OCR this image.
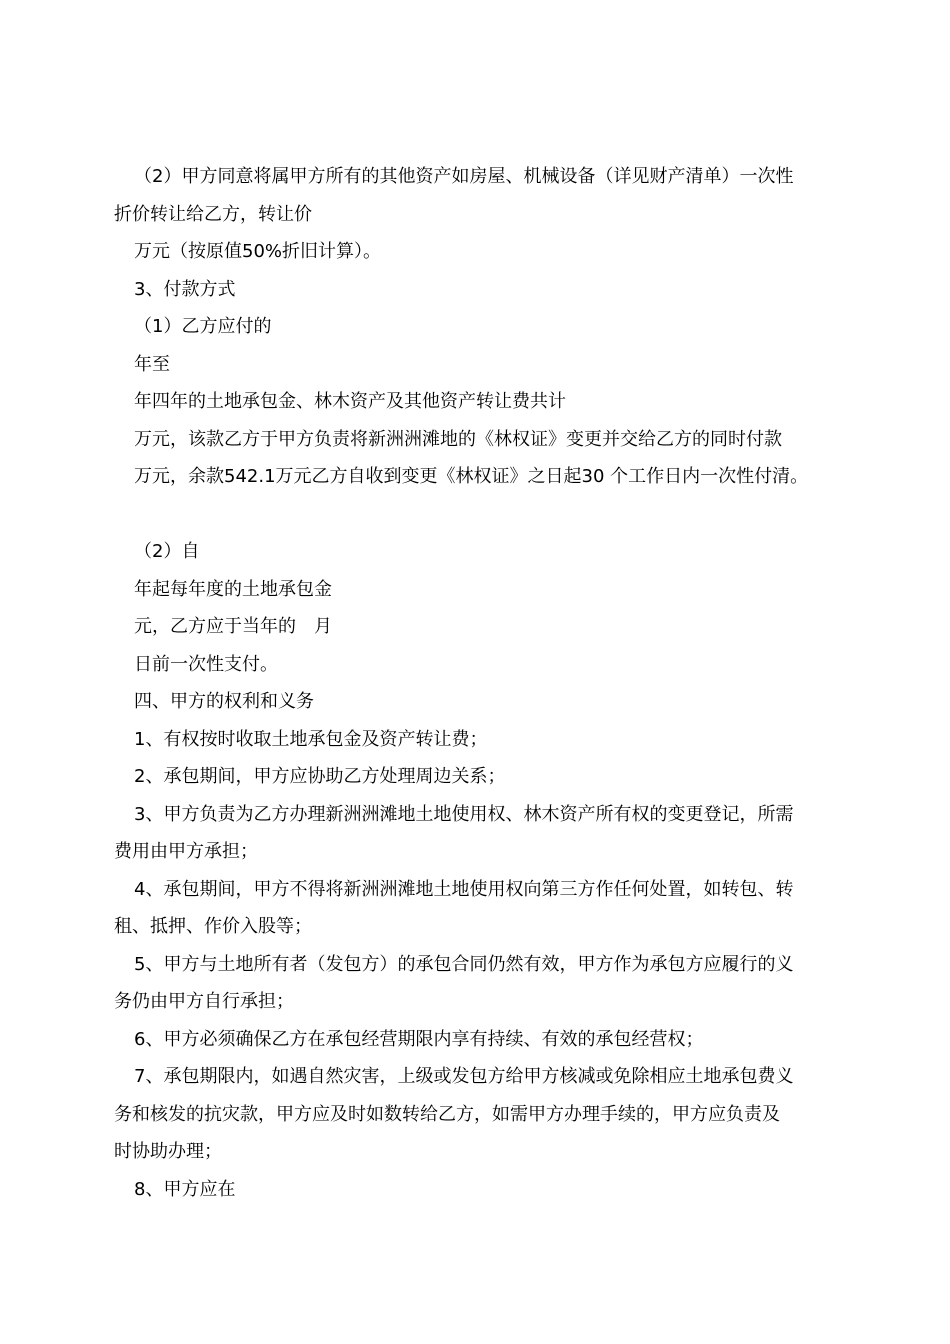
（2）甲方同意将属甲方所有的其他资产如房屋、机械设备（详见财产清单）一次性
折价转让给乙方，转让价
万元（按原值50%折旧计算）。
3、付款方式
（1）乙方应付的
年至
年四年的土地承包金、林木资产及其他资产转让费共计
万元，该款乙方于甲方负责将新洲洲滩地的《林权证》变更并交给乙方的同时付款
万元，余款542.1万元乙方自收到变更《林权证》之日起30 个工作日内一次性付清。
（2）自
年起每年度的土地承包金
元，乙方应于当年的　月
日前一次性支付。
四、甲方的权利和义务
1、有权按时收取土地承包金及资产转让费；
2、承包期间，甲方应协助乙方处理周边关系；
3、甲方负责为乙方办理新洲洲滩地土地使用权、林木资产所有权的变更登记，所需
费用由甲方承担；
4、承包期间，甲方不得将新洲洲滩地土地使用权向第三方作任何处置，如转包、转
租、抵押、作价入股等；
5、甲方与土地所有者（发包方）的承包合同仍然有效，甲方作为承包方应履行的义
务仍由甲方自行承担；
6、甲方必须确保乙方在承包经营期限内享有持续、有效的承包经营权；
7、承包期限内，如遇自然灾害，上级或发包方给甲方核减或免除相应土地承包费义
务和核发的抗灾款，甲方应及时如数转给乙方，如需甲方办理手续的，甲方应负责及
时协助办理；
8、甲方应在
